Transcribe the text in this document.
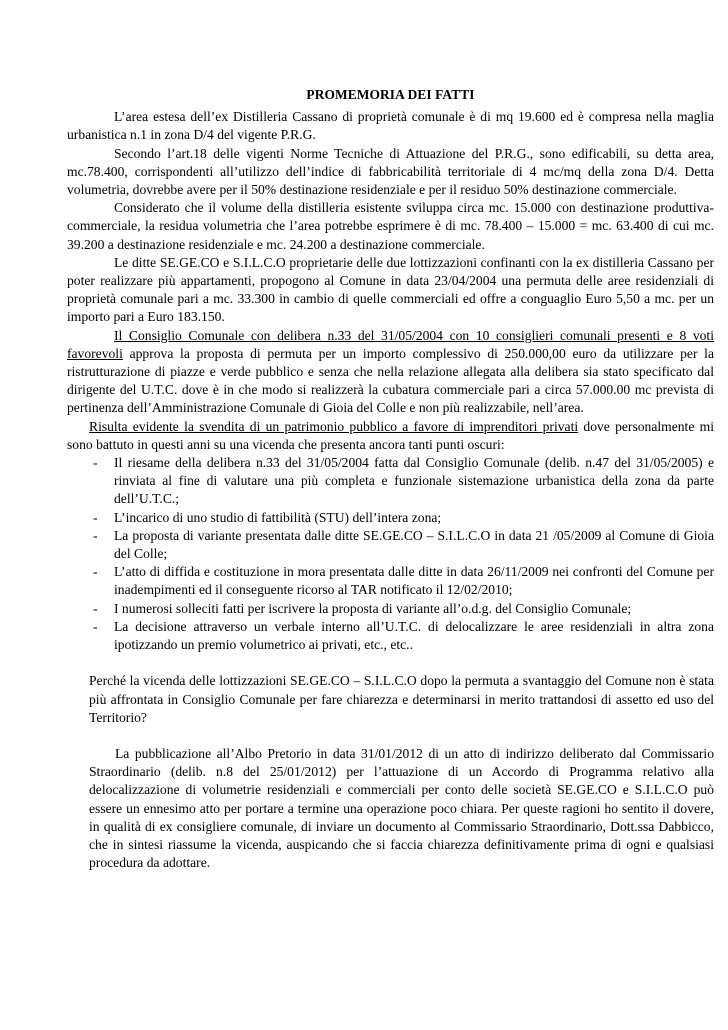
PROMEMORIA DEI FATTI

L’area estesa dell’ex Distilleria Cassano di proprietà comunale è di mq 19.600 ed è compresa nella maglia urbanistica n.1 in zona D/4 del vigente P.R.G.

Secondo l’art.18 delle vigenti Norme Tecniche di Attuazione del P.R.G., sono edificabili, su detta area, mc.78.400, corrispondenti all’utilizzo dell’indice di fabbricabilità territoriale di 4 mc/mq della zona D/4. Detta volumetria, dovrebbe avere per il 50% destinazione residenziale e per il residuo 50% destinazione commerciale.

Considerato che il volume della distilleria esistente sviluppa circa mc. 15.000 con destinazione produttiva-commerciale, la residua volumetria che l’area potrebbe esprimere è di mc. 78.400 – 15.000 = mc. 63.400 di cui mc. 39.200 a destinazione residenziale e mc. 24.200 a destinazione commerciale.

Le ditte SE.GE.CO e S.I.L.C.O proprietarie delle due lottizzazioni confinanti con la ex distilleria Cassano per poter realizzare più appartamenti, propogono al Comune in data 23/04/2004 una permuta delle aree residenziali di proprietà comunale pari a mc. 33.300 in cambio di quelle commerciali ed offre a conguaglio Euro 5,50 a mc. per un importo pari a Euro 183.150.

Il Consiglio Comunale con delibera n.33 del 31/05/2004 con 10 consiglieri comunali presenti e 8 voti favorevoli approva la proposta di permuta per un importo complessivo di 250.000,00 euro da utilizzare per la ristrutturazione di piazze e verde pubblico e senza che nella relazione allegata alla delibera sia stato specificato dal dirigente del U.T.C. dove è in che modo si realizzerà la cubatura commerciale pari a circa 57.000.00 mc prevista di pertinenza dell’Amministrazione Comunale di Gioia del Colle e non più realizzabile, nell’area.

Risulta evidente la svendita di un patrimonio pubblico a favore di imprenditori privati dove personalmente mi sono battuto in questi anni su una vicenda che presenta ancora tanti punti oscuri:

- Il riesame della delibera n.33 del 31/05/2004 fatta dal Consiglio Comunale (delib. n.47 del 31/05/2005) e rinviata al fine di valutare una più completa e funzionale sistemazione urbanistica della zona da parte dell’U.T.C.;
- L’incarico di uno studio di fattibilità (STU) dell’intera zona;
- La proposta di variante presentata dalle ditte SE.GE.CO – S.I.L.C.O in data 21 /05/2009 al Comune di Gioia del Colle;
- L’atto di diffida e costituzione in mora presentata dalle ditte in data 26/11/2009 nei confronti del Comune per inadempimenti ed il conseguente ricorso al TAR notificato il 12/02/2010;
- I numerosi solleciti fatti per iscrivere la proposta di variante all’o.d.g. del Consiglio Comunale;
- La decisione attraverso un verbale interno all’U.T.C. di delocalizzare le aree residenziali in altra zona ipotizzando un premio volumetrico ai privati, etc., etc..

Perché la vicenda delle lottizzazioni SE.GE.CO – S.I.L.C.O dopo la permuta a svantaggio del Comune non è stata più affrontata in Consiglio Comunale per fare chiarezza e determinarsi in merito trattandosi di assetto ed uso del Territorio?

La pubblicazione all’Albo Pretorio in data 31/01/2012 di un atto di indirizzo deliberato dal Commissario Straordinario (delib. n.8 del 25/01/2012) per l’attuazione di un Accordo di Programma relativo alla delocalizzazione di volumetrie residenziali e commerciali per conto delle società SE.GE.CO e S.I.L.C.O può essere un ennesimo atto per portare a termine una operazione poco chiara. Per queste ragioni ho sentito il dovere, in qualità di ex consigliere comunale, di inviare un documento al Commissario Straordinario, Dott.ssa Dabbicco, che in sintesi riassume la vicenda, auspicando che si faccia chiarezza definitivamente prima di ogni e qualsiasi procedura da adottare.
